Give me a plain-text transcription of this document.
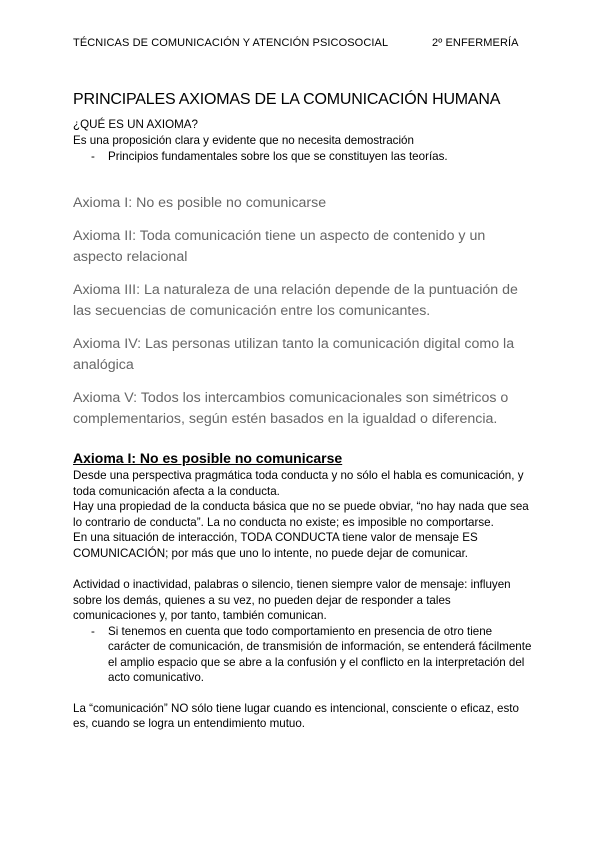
TÉCNICAS DE COMUNICACIÓN Y ATENCIÓN PSICOSOCIAL	2º ENFERMERÍA
PRINCIPALES AXIOMAS DE LA COMUNICACIÓN HUMANA
¿QUÉ ES UN AXIOMA?
Es una proposición clara y evidente que no necesita demostración
-	Principios fundamentales sobre los que se constituyen las teorías.
Axioma I: No es posible no comunicarse
Axioma II: Toda comunicación tiene un aspecto de contenido y un aspecto relacional
Axioma III: La naturaleza de una relación depende de la puntuación de las secuencias de comunicación entre los comunicantes.
Axioma IV: Las personas utilizan tanto la comunicación digital como la analógica
Axioma V: Todos los intercambios comunicacionales son simétricos o complementarios, según estén basados en la igualdad o diferencia.
Axioma I: No es posible no comunicarse

Desde una perspectiva pragmática toda conducta y no sólo el habla es comunicación, y toda comunicación afecta a la conducta.

Hay una propiedad de la conducta básica que no se puede obviar, “no hay nada que sea lo contrario de conducta”. La no conducta no existe; es imposible no comportarse.

En una situación de interacción, TODA CONDUCTA tiene valor de mensaje ES COMUNICACIÓN; por más que uno lo intente, no puede dejar de comunicar.

Actividad o inactividad, palabras o silencio, tienen siempre valor de mensaje: influyen sobre los demás, quienes a su vez, no pueden dejar de responder a tales comunicaciones y, por tanto, también comunican.

-	Si tenemos en cuenta que todo comportamiento en presencia de otro tiene carácter de comunicación, de transmisión de información, se entenderá fácilmente el amplio espacio que se abre a la confusión y el conflicto en la interpretación del acto comunicativo.

La “comunicación” NO sólo tiene lugar cuando es intencional, consciente o eficaz, esto es, cuando se logra un entendimiento mutuo.
